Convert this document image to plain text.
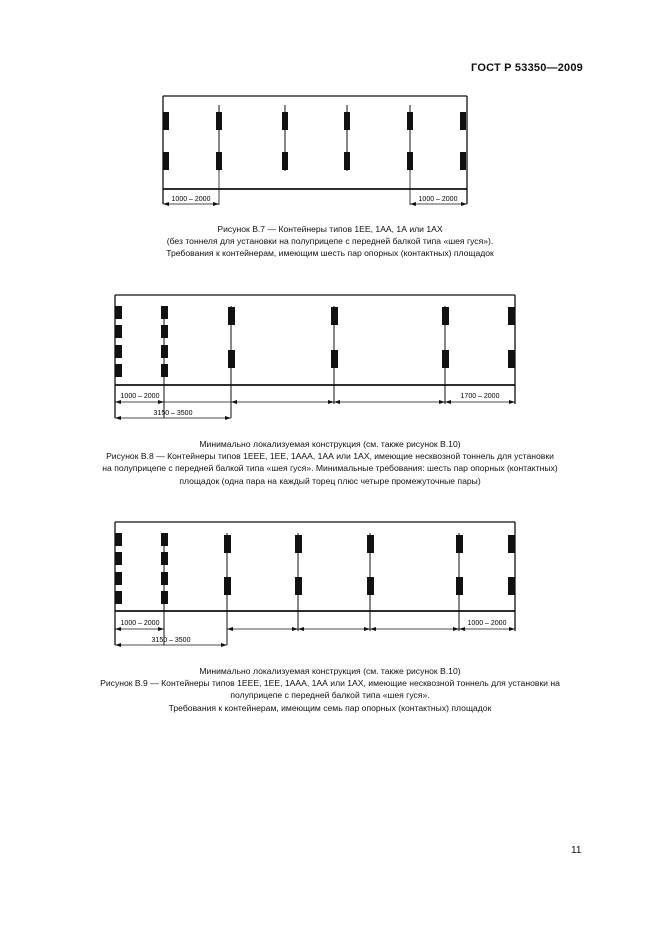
ГОСТ Р 53350—2009
1000 – 2000	1000 – 2000
Рисунок В.7 — Контейнеры типов 1ЕЕ, 1АА, 1А или 1АХ
(без тоннеля для установки на полуприцепе с передней балкой типа «шея гуся»).
Требования к контейнерам, имеющим шесть пар опорных (контактных) площадок
1000 – 2000	1700 – 2000
3150 – 3500
Минимально локализуемая конструкция (см. также рисунок В.10)
Рисунок В.8 — Контейнеры типов 1ЕЕЕ, 1ЕЕ, 1ААА, 1АА или 1АХ, имеющие несквозной тоннель для установки
на полуприцепе с передней балкой типа «шея гуся». Минимальные требования: шесть пар опорных (контактных)
площадок (одна пара на каждый торец плюс четыре промежуточные пары)
1000 – 2000	1000 – 2000
3150 – 3500
Минимально локализуемая конструкция (см. также рисунок В.10)
Рисунок В.9 — Контейнеры типов 1ЕЕЕ, 1ЕЕ, 1ААА, 1АА или 1АХ, имеющие несквозной тоннель для установки на
полуприцепе с передней балкой типа «шея гуся».
Требования к контейнерам, имеющим семь пар опорных (контактных) площадок
11
